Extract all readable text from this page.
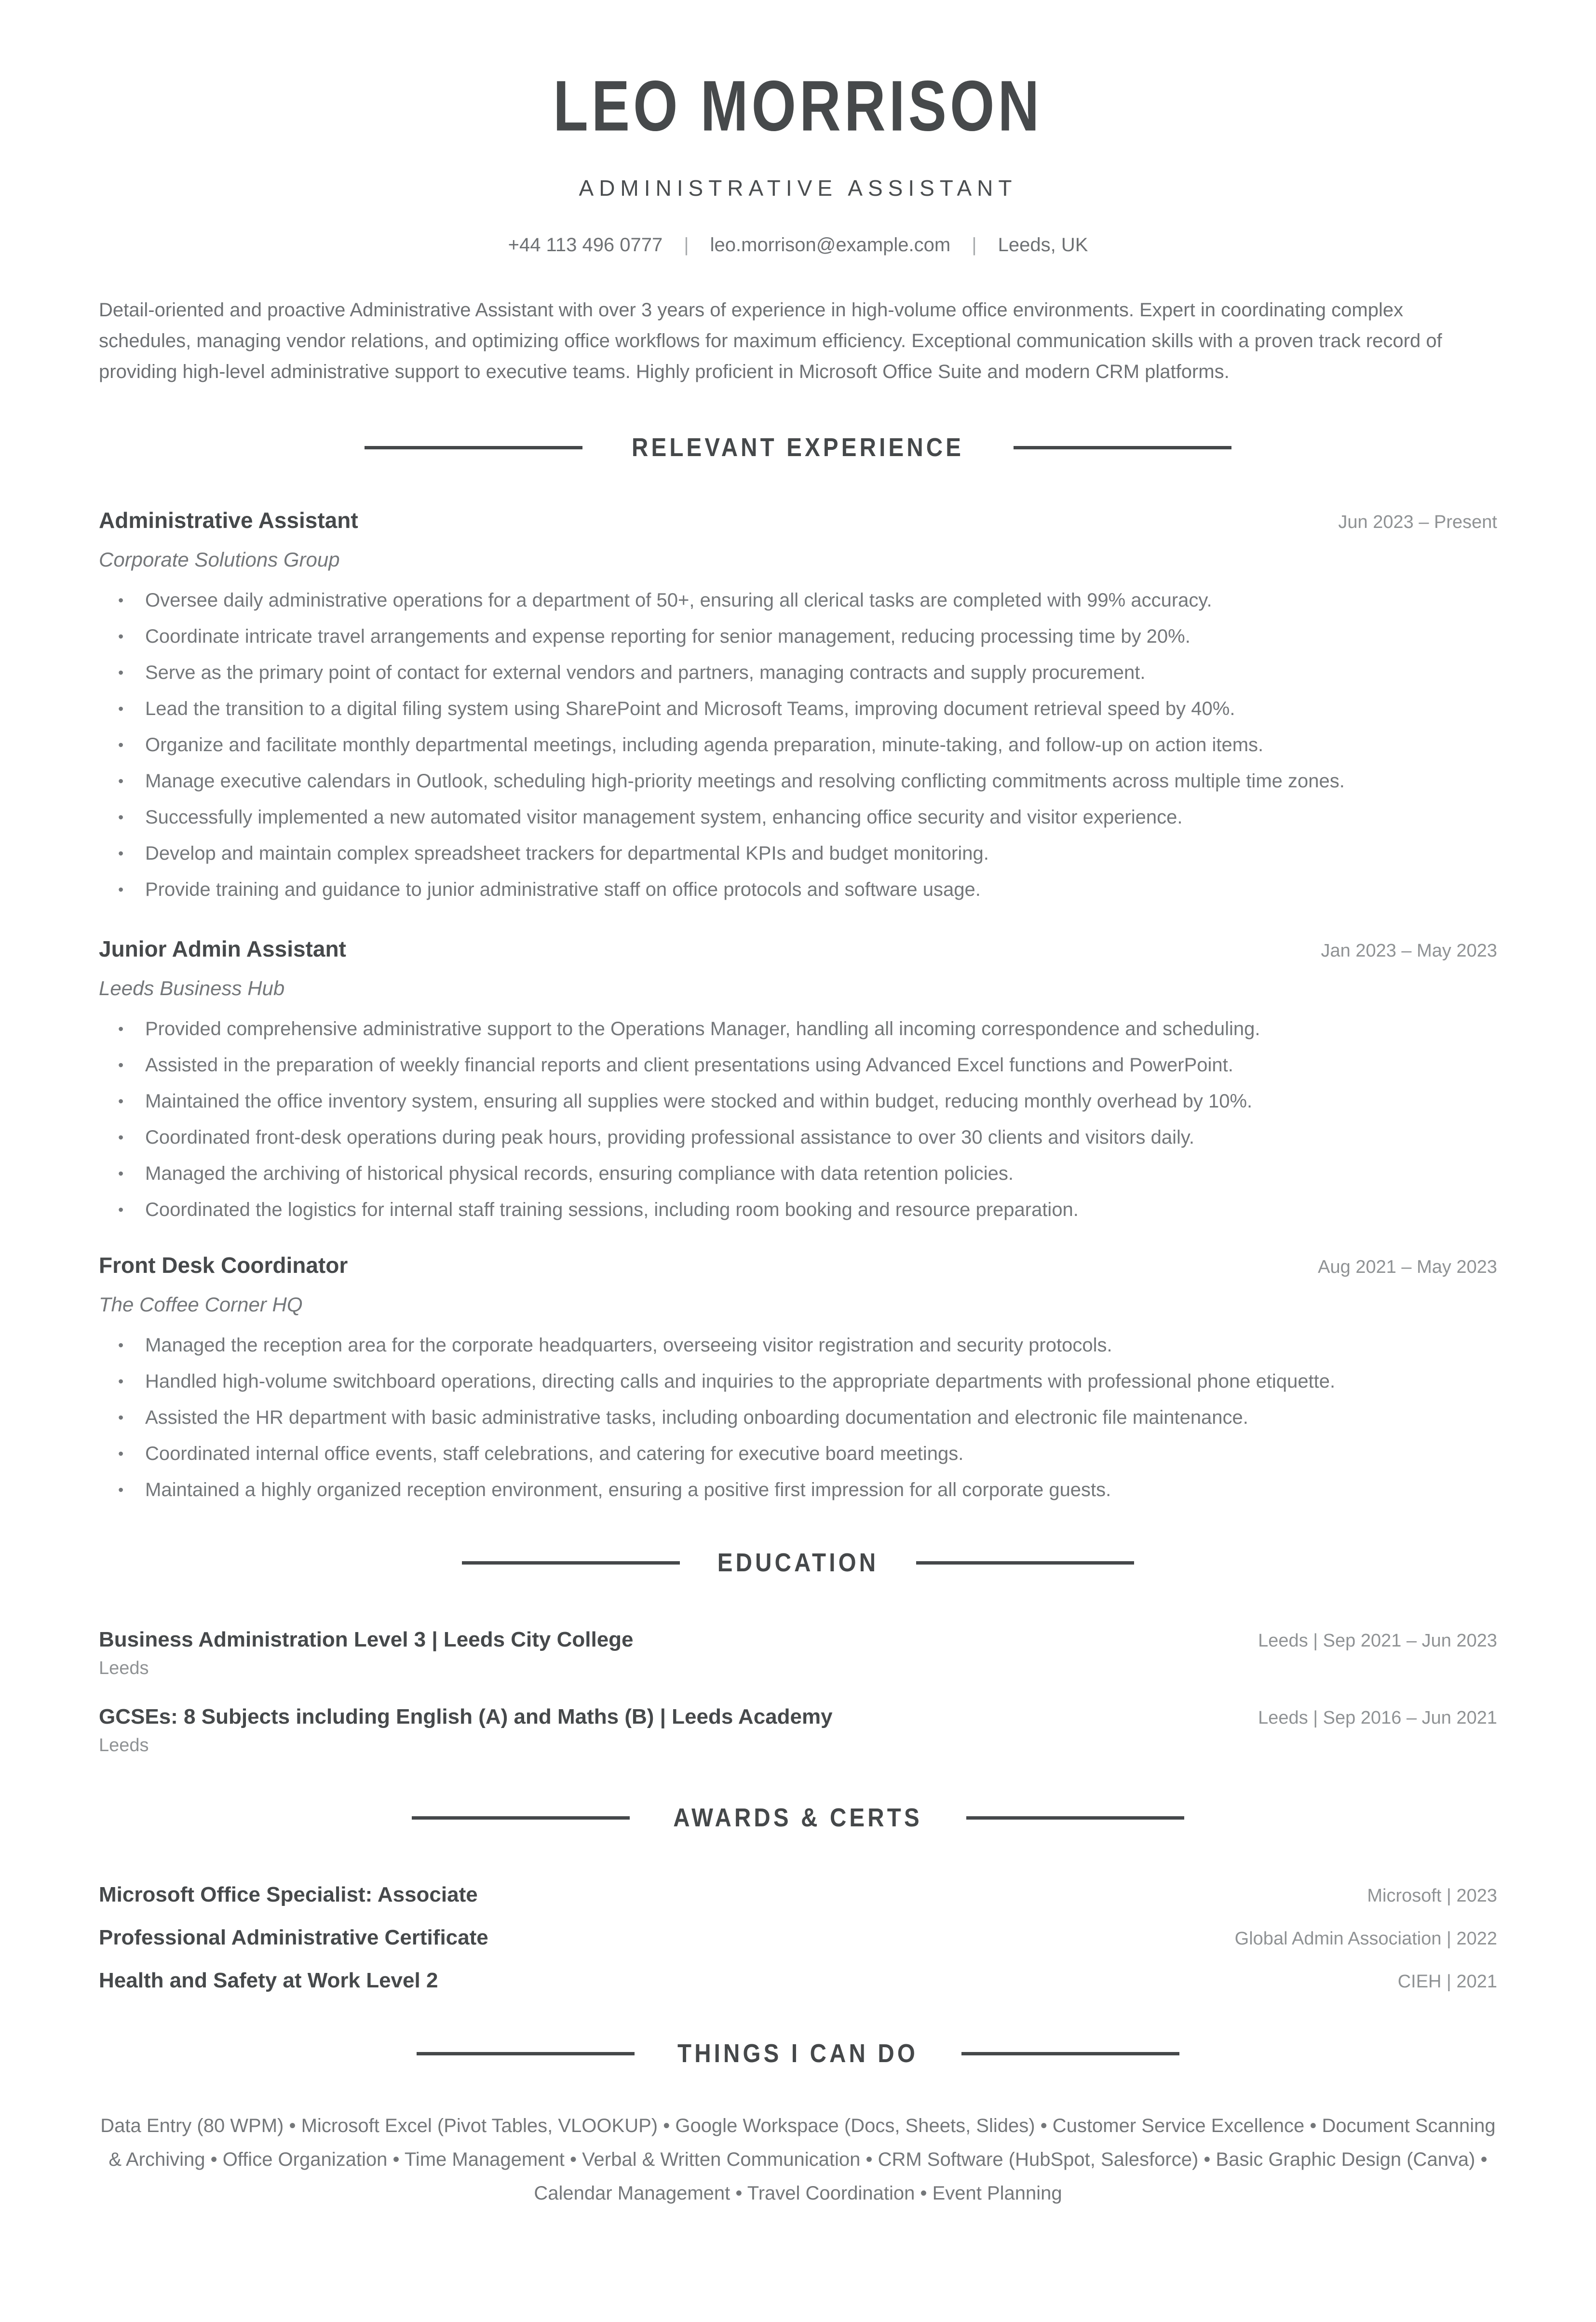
LEO MORRISON
ADMINISTRATIVE ASSISTANT
+44 113 496 0777 | leo.morrison@example.com | Leeds, UK

Detail-oriented and proactive Administrative Assistant with over 3 years of experience in high-volume office environments. Expert in coordinating complex schedules, managing vendor relations, and optimizing office workflows for maximum efficiency. Exceptional communication skills with a proven track record of providing high-level administrative support to executive teams. Highly proficient in Microsoft Office Suite and modern CRM platforms.

RELEVANT EXPERIENCE
Administrative Assistant	Jun 2023 – Present
Corporate Solutions Group
• Oversee daily administrative operations for a department of 50+, ensuring all clerical tasks are completed with 99% accuracy.
• Coordinate intricate travel arrangements and expense reporting for senior management, reducing processing time by 20%.
• Serve as the primary point of contact for external vendors and partners, managing contracts and supply procurement.
• Lead the transition to a digital filing system using SharePoint and Microsoft Teams, improving document retrieval speed by 40%.
• Organize and facilitate monthly departmental meetings, including agenda preparation, minute-taking, and follow-up on action items.
• Manage executive calendars in Outlook, scheduling high-priority meetings and resolving conflicting commitments across multiple time zones.
• Successfully implemented a new automated visitor management system, enhancing office security and visitor experience.
• Develop and maintain complex spreadsheet trackers for departmental KPIs and budget monitoring.
• Provide training and guidance to junior administrative staff on office protocols and software usage.
Junior Admin Assistant	Jan 2023 – May 2023
Leeds Business Hub
• Provided comprehensive administrative support to the Operations Manager, handling all incoming correspondence and scheduling.
• Assisted in the preparation of weekly financial reports and client presentations using Advanced Excel functions and PowerPoint.
• Maintained the office inventory system, ensuring all supplies were stocked and within budget, reducing monthly overhead by 10%.
• Coordinated front-desk operations during peak hours, providing professional assistance to over 30 clients and visitors daily.
• Managed the archiving of historical physical records, ensuring compliance with data retention policies.
• Coordinated the logistics for internal staff training sessions, including room booking and resource preparation.
Front Desk Coordinator	Aug 2021 – May 2023
The Coffee Corner HQ
• Managed the reception area for the corporate headquarters, overseeing visitor registration and security protocols.
• Handled high-volume switchboard operations, directing calls and inquiries to the appropriate departments with professional phone etiquette.
• Assisted the HR department with basic administrative tasks, including onboarding documentation and electronic file maintenance.
• Coordinated internal office events, staff celebrations, and catering for executive board meetings.
• Maintained a highly organized reception environment, ensuring a positive first impression for all corporate guests.
EDUCATION
Business Administration Level 3 | Leeds City College	Leeds | Sep 2021 – Jun 2023
Leeds
GCSEs: 8 Subjects including English (A) and Maths (B) | Leeds Academy	Leeds | Sep 2016 – Jun 2021
Leeds
AWARDS & CERTS
Microsoft Office Specialist: Associate	Microsoft | 2023
Professional Administrative Certificate	Global Admin Association | 2022
Health and Safety at Work Level 2	CIEH | 2021
THINGS I CAN DO

Data Entry (80 WPM) • Microsoft Excel (Pivot Tables, VLOOKUP) • Google Workspace (Docs, Sheets, Slides) • Customer Service Excellence • Document Scanning & Archiving • Office Organization • Time Management • Verbal & Written Communication • CRM Software (HubSpot, Salesforce) • Basic Graphic Design (Canva) • Calendar Management • Travel Coordination • Event Planning
